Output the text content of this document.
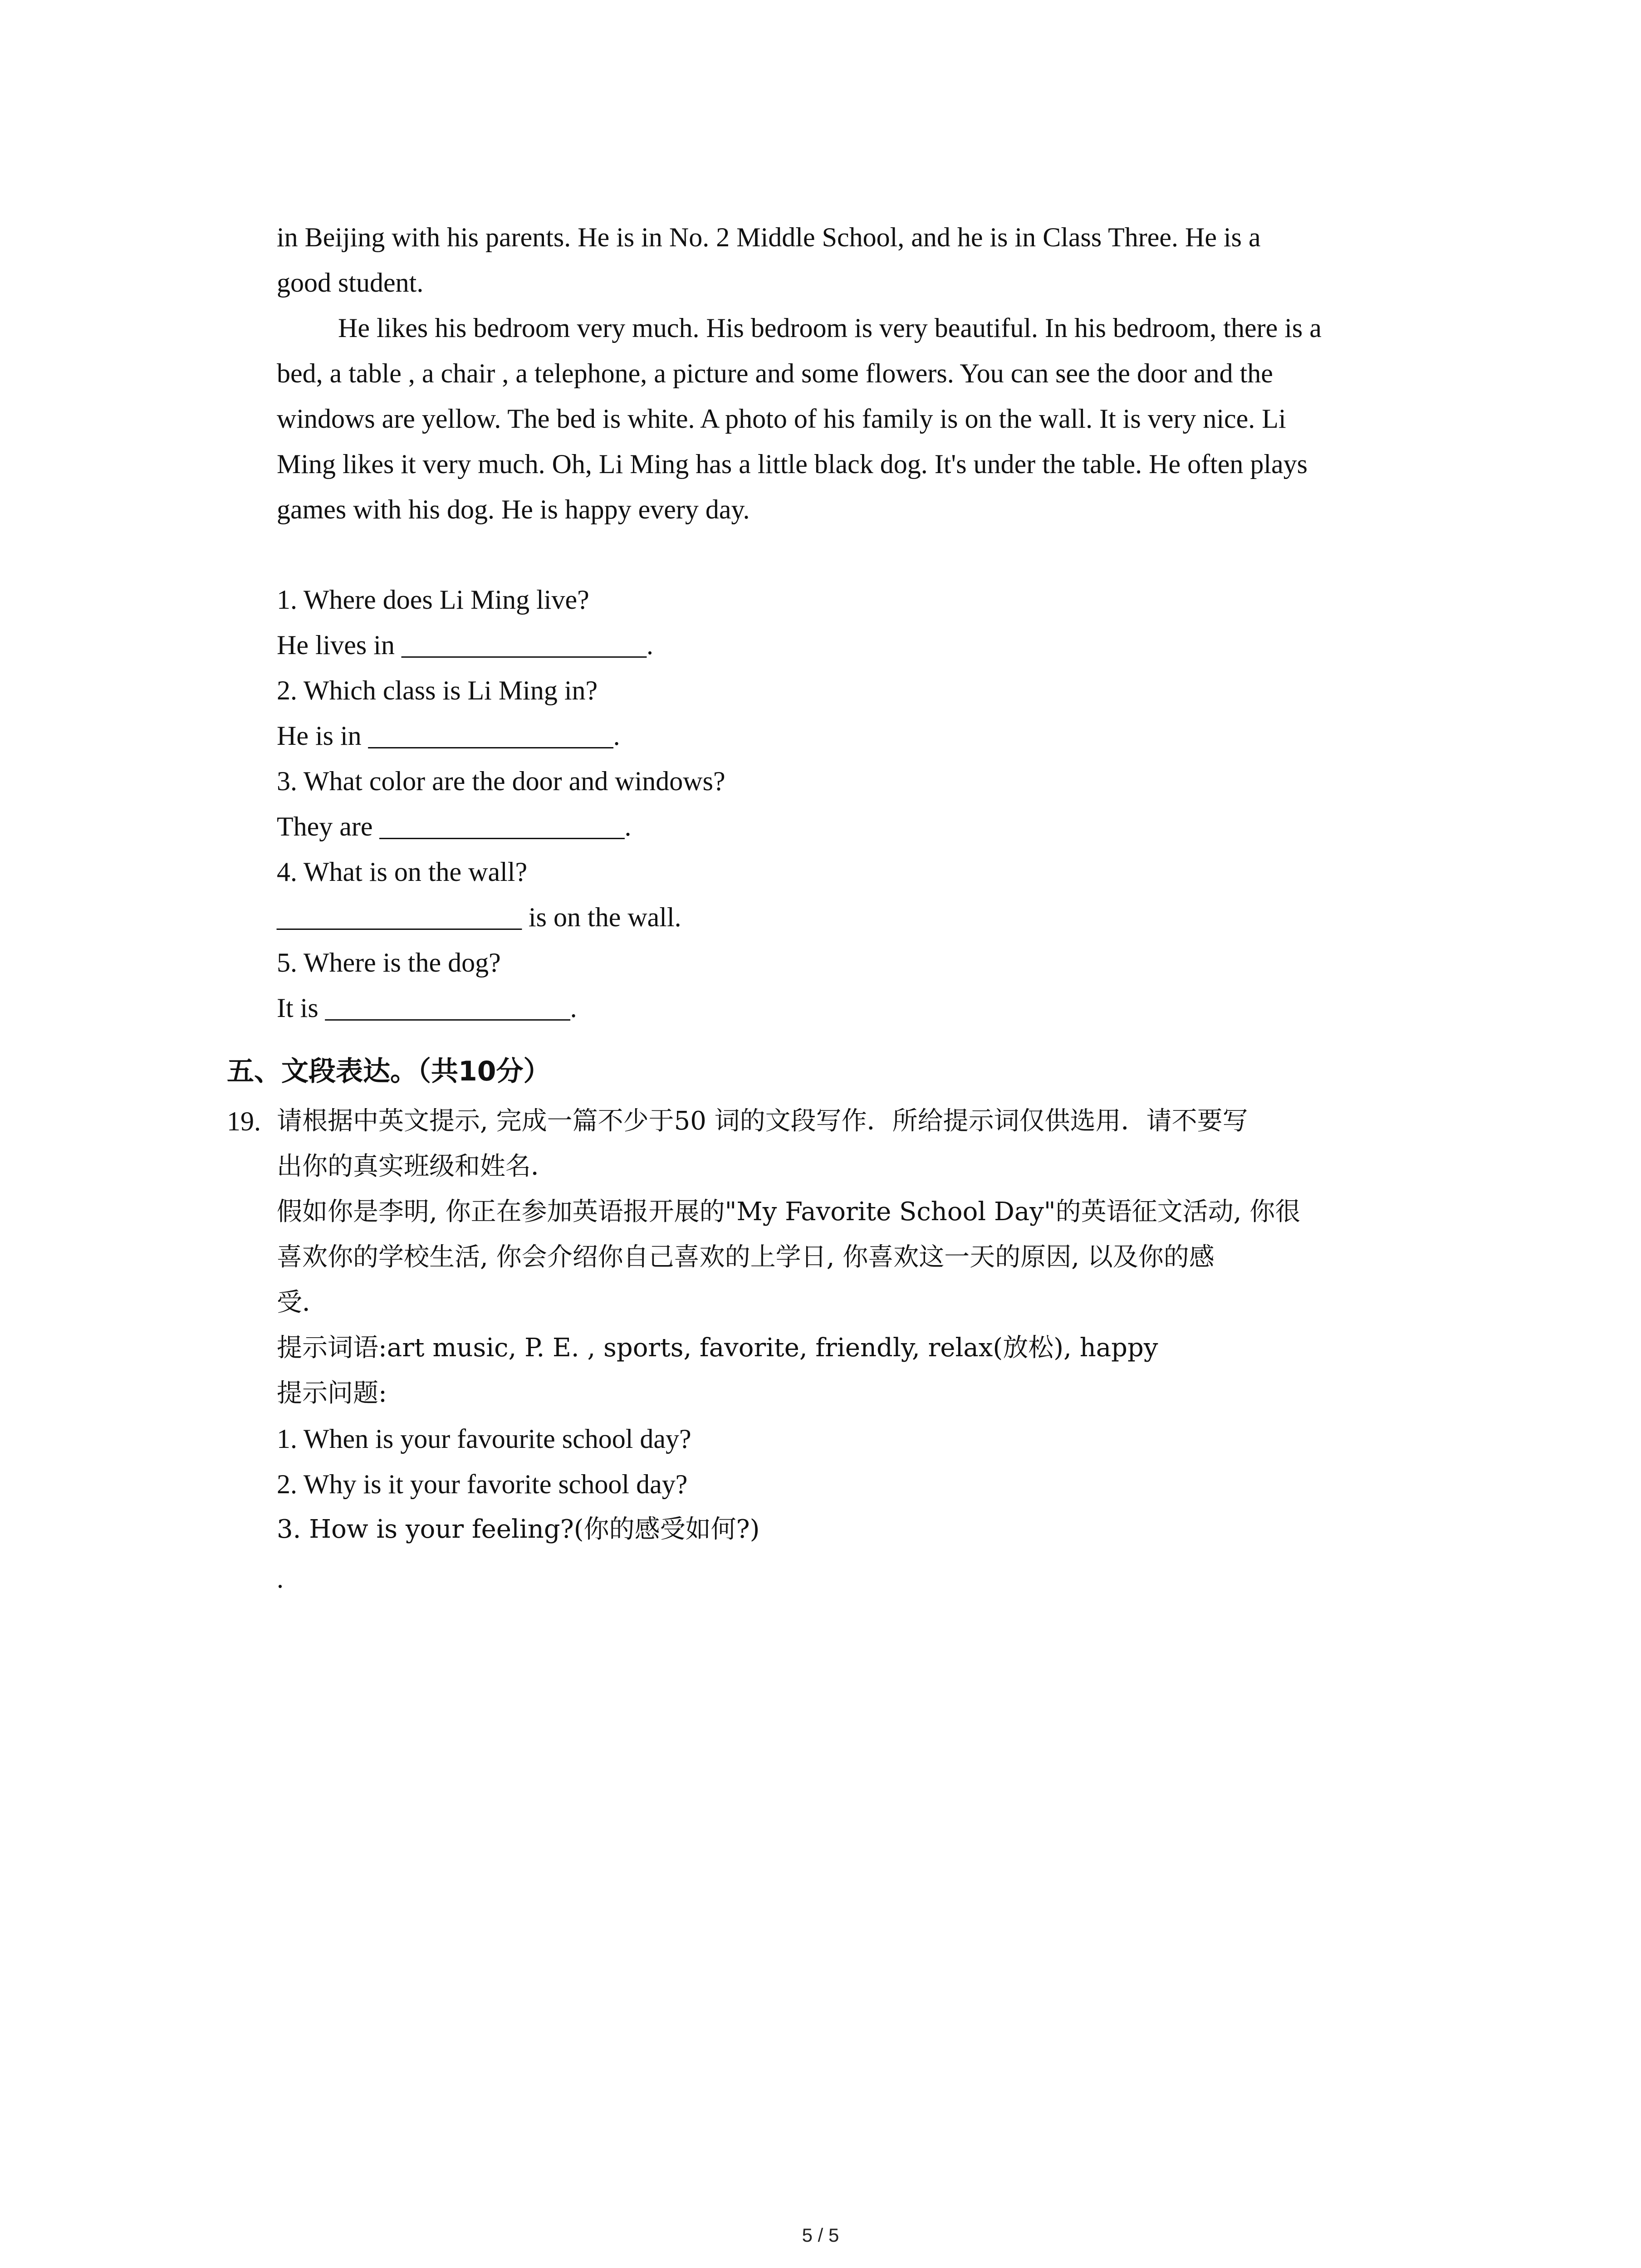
in Beijing with his parents. He is in No. 2 Middle School, and he is in Class Three. He is a

good student.

He likes his bedroom very much. His bedroom is very beautiful. In his bedroom, there is a

bed, a table , a chair , a telephone, a picture and some flowers. You can see the door and the

windows are yellow. The bed is white. A photo of his family is on the wall. It is very nice. Li

Ming likes it very much. Oh, Li Ming has a little black dog. It's under the table. He often plays

games with his dog. He is happy every day.

1. Where does Li Ming live?

He lives in __________________.

2. Which class is Li Ming in?

He is in __________________.

3. What color are the door and windows?

They are __________________.

4. What is on the wall?

__________________ is on the wall.

5. Where is the dog?

It is __________________.

五、文段表达。（共10分）
19. 请根据中英文提示, 完成一篇不少于50 词的文段写作．所给提示词仅供选用．请不要写

出你的真实班级和姓名．

假如你是李明, 你正在参加英语报开展的"My Favorite School Day"的英语征文活动, 你很

喜欢你的学校生活, 你会介绍你自己喜欢的上学日, 你喜欢这一天的原因, 以及你的感

受．

提示词语:art music, P. E. , sports, favorite, friendly, relax(放松), happy

提示问题:

1. When is your favourite school day?

2. Why is it your favorite school day?

3. How is your feeling?(你的感受如何?)

.

5 / 5
